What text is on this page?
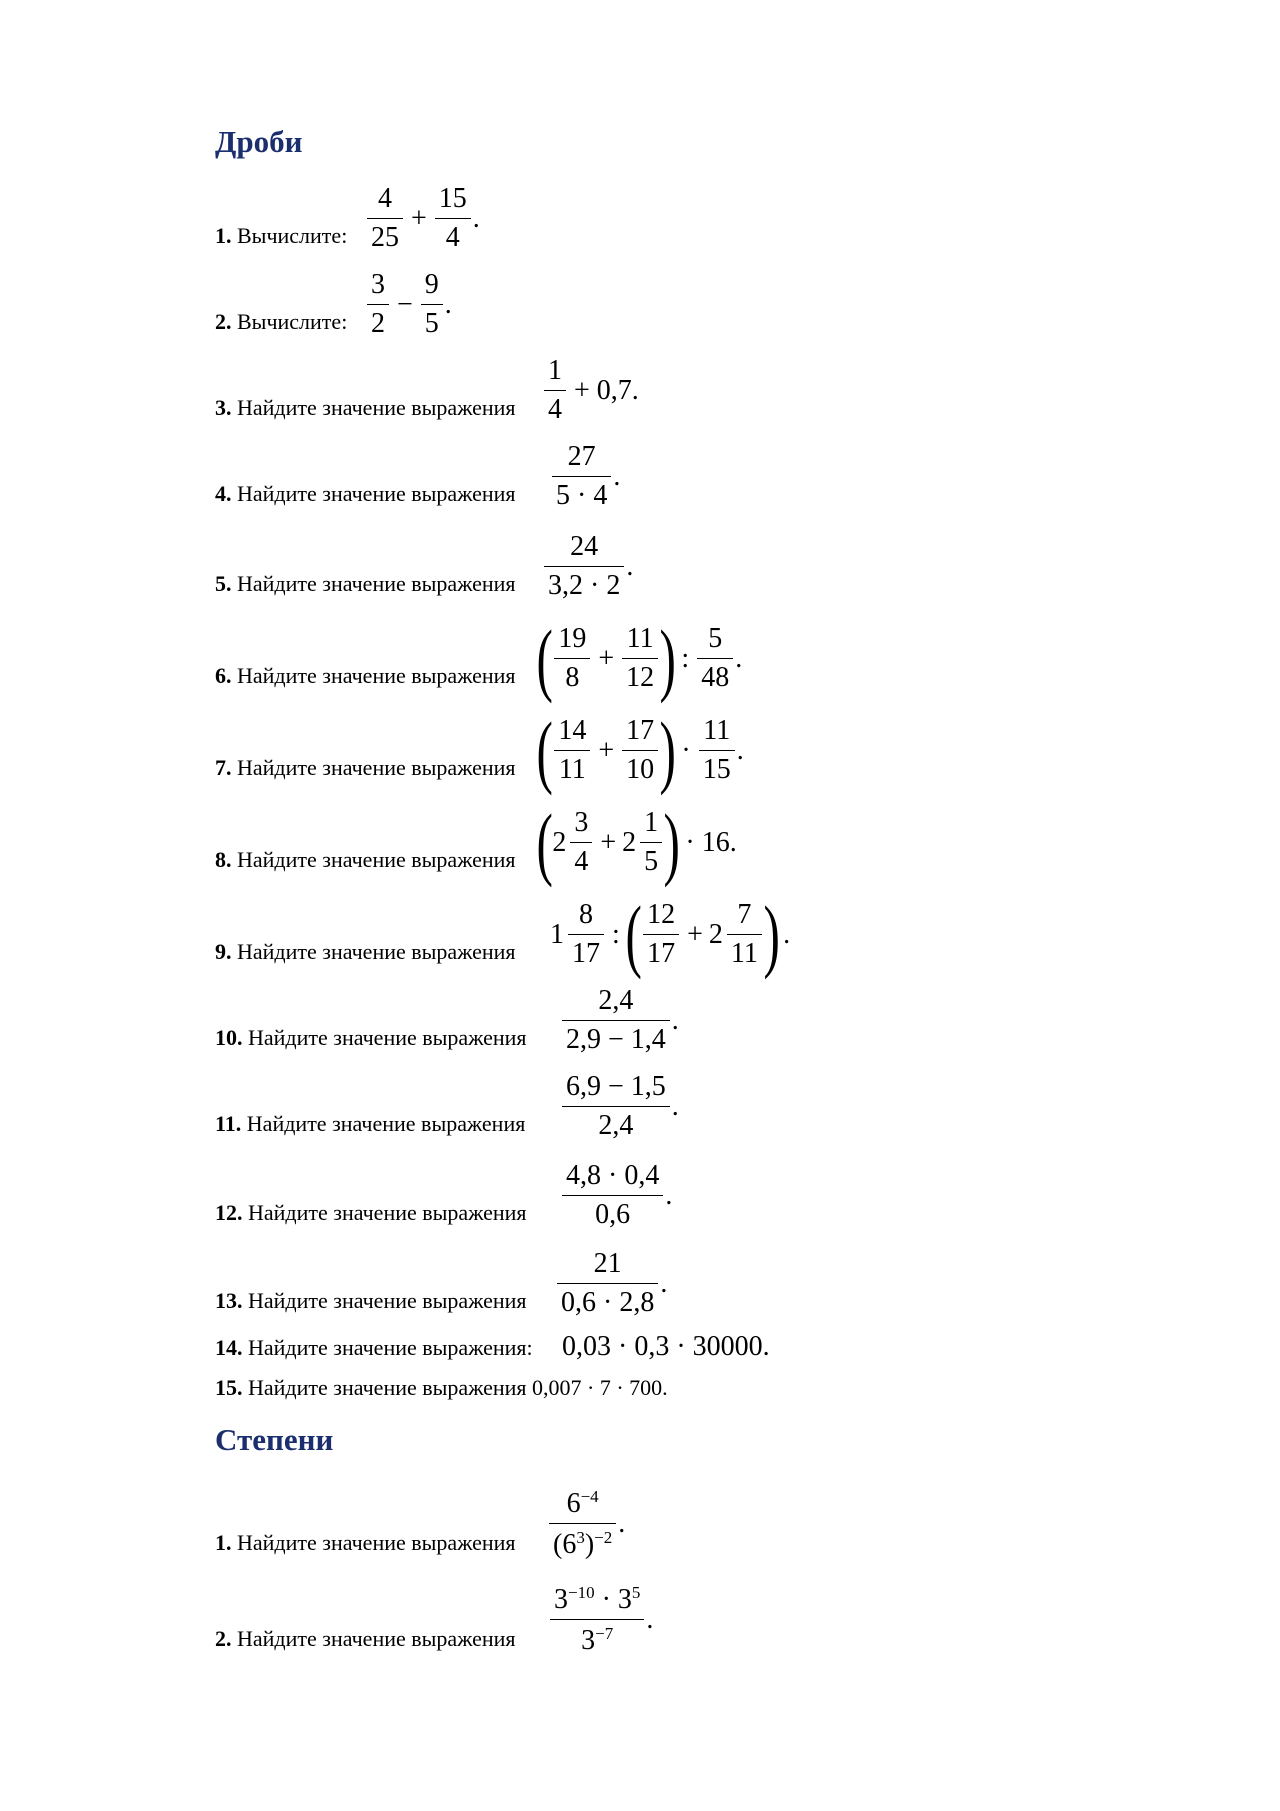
Дроби
1. Вычислите: $\frac{4}{25} + \frac{15}{4}$ .
2. Вычислите: $\frac{3}{2} - \frac{9}{5}$ .
3. Найдите значение выражения $\frac{1}{4} + 0,7$.
4. Найдите значение выражения $\frac{27}{5 \cdot 4}$ .
5. Найдите значение выражения $\frac{24}{3,2 \cdot 2}$ .
6. Найдите значение выражения ( $\frac{19}{8} + \frac{11}{12}$ ) : $\frac{5}{48}$ .
7. Найдите значение выражения ( $\frac{14}{11} + \frac{17}{10}$ ) · $\frac{11}{15}$ .
8. Найдите значение выражения ( $2 \frac{3}{4} + 2 \frac{1}{5}$ ) · 16.
9. Найдите значение выражения
$1 \frac{8}{17}$ : ( $\frac{12}{17} + 2 \frac{7}{11}$ ) .
10. Найдите значение выражения $\frac{2,4}{2,9 - 1,4}$ .
11. Найдите значение выражения $\frac{6,9 - 1,5}{2,4}$ .
12. Найдите значение выражения $\frac{4,8 \cdot 0,4}{0,6}$ .
13. Найдите значение выражения $\frac{21}{0,6 \cdot 2,8}$ .
14. Найдите значение выражения: 0,03 · 0,3 · 30000.
15. Найдите значение выражения 0,007 · 7 · 700.
Степени
1. Найдите значение выражения $\frac{6^{-4}}{(6^3)^{-2}}$ .
2. Найдите значение выражения $\frac{3^{-10} \cdot 3^5}{3^{-7}}$ .
